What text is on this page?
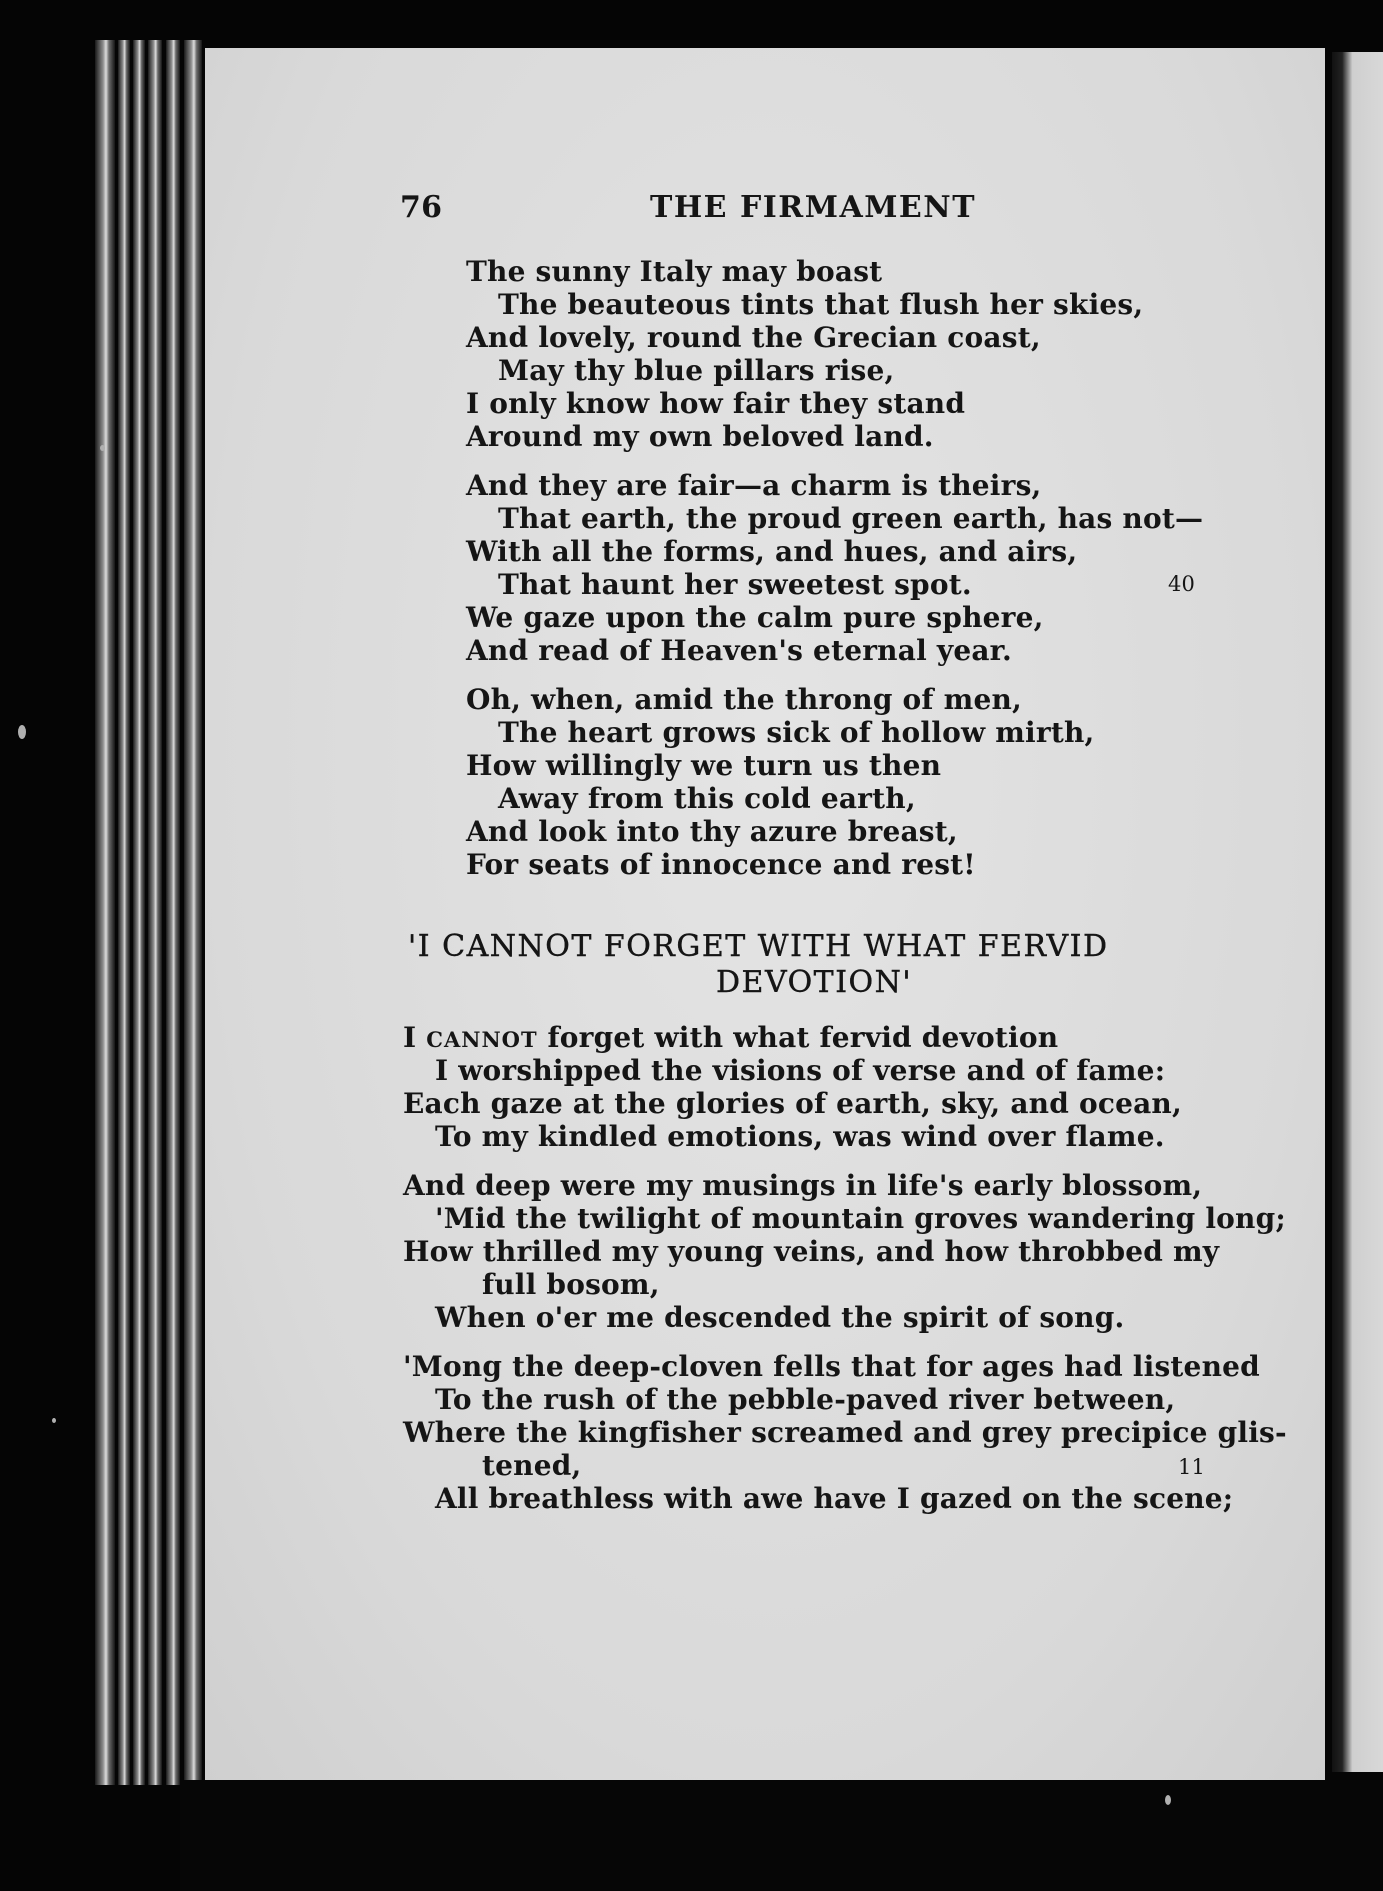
76	THE FIRMAMENT
The sunny Italy may boast
The beauteous tints that flush her skies,
And lovely, round the Grecian coast,
May thy blue pillars rise,
I only know how fair they stand
Around my own beloved land.
And they are fair—a charm is theirs,
That earth, the proud green earth, has not—
With all the forms, and hues, and airs,
That haunt her sweetest spot.	40
We gaze upon the calm pure sphere,
And read of Heaven's eternal year.
Oh, when, amid the throng of men,
The heart grows sick of hollow mirth,
How willingly we turn us then
Away from this cold earth,
And look into thy azure breast,
For seats of innocence and rest!
'I CANNOT FORGET WITH WHAT FERVID
DEVOTION'
I CANNOT forget with what fervid devotion
I worshipped the visions of verse and of fame:
Each gaze at the glories of earth, sky, and ocean,
To my kindled emotions, was wind over flame.
And deep were my musings in life's early blossom,
'Mid the twilight of mountain groves wandering long;
How thrilled my young veins, and how throbbed my
full bosom,
When o'er me descended the spirit of song.
'Mong the deep-cloven fells that for ages had listened
To the rush of the pebble-paved river between,
Where the kingfisher screamed and grey precipice glis-
tened,	11
All breathless with awe have I gazed on the scene;
